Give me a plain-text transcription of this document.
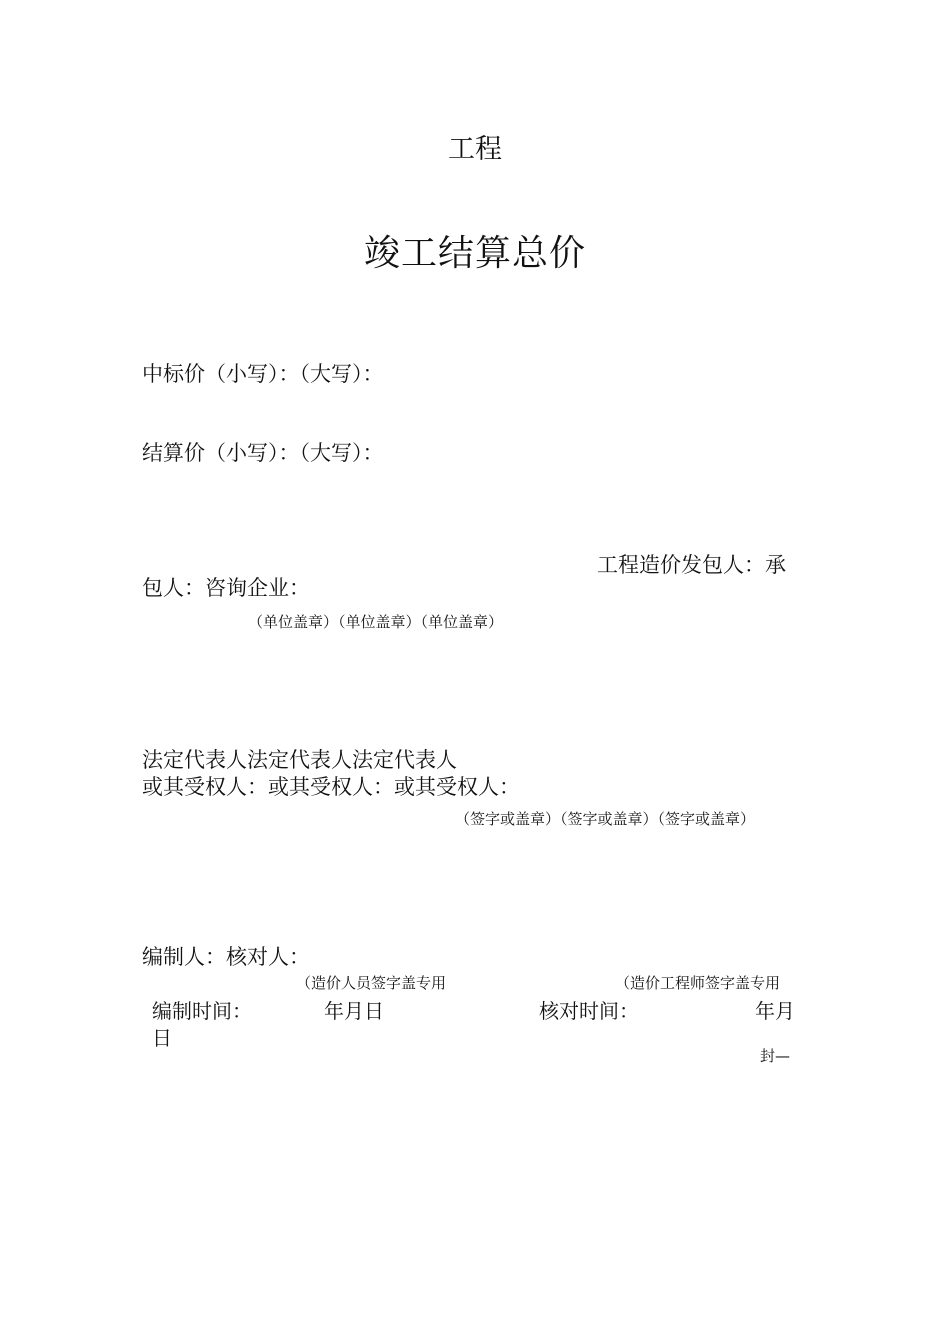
工程
竣工结算总价
中标价（小写）：（大写）：
结算价（小写）：（大写）：
工程造价发包人：承
包人：咨询企业：
（单位盖章）（单位盖章）（单位盖章）
法定代表人法定代表人法定代表人
或其受权人：或其受权人：或其受权人：
（签字或盖章）（签字或盖章）（签字或盖章）
编制人：核对人：
（造价人员签字盖专用	（造价工程师签字盖专用
编制时间：	年月日	核对时间：	年月
日
封—
